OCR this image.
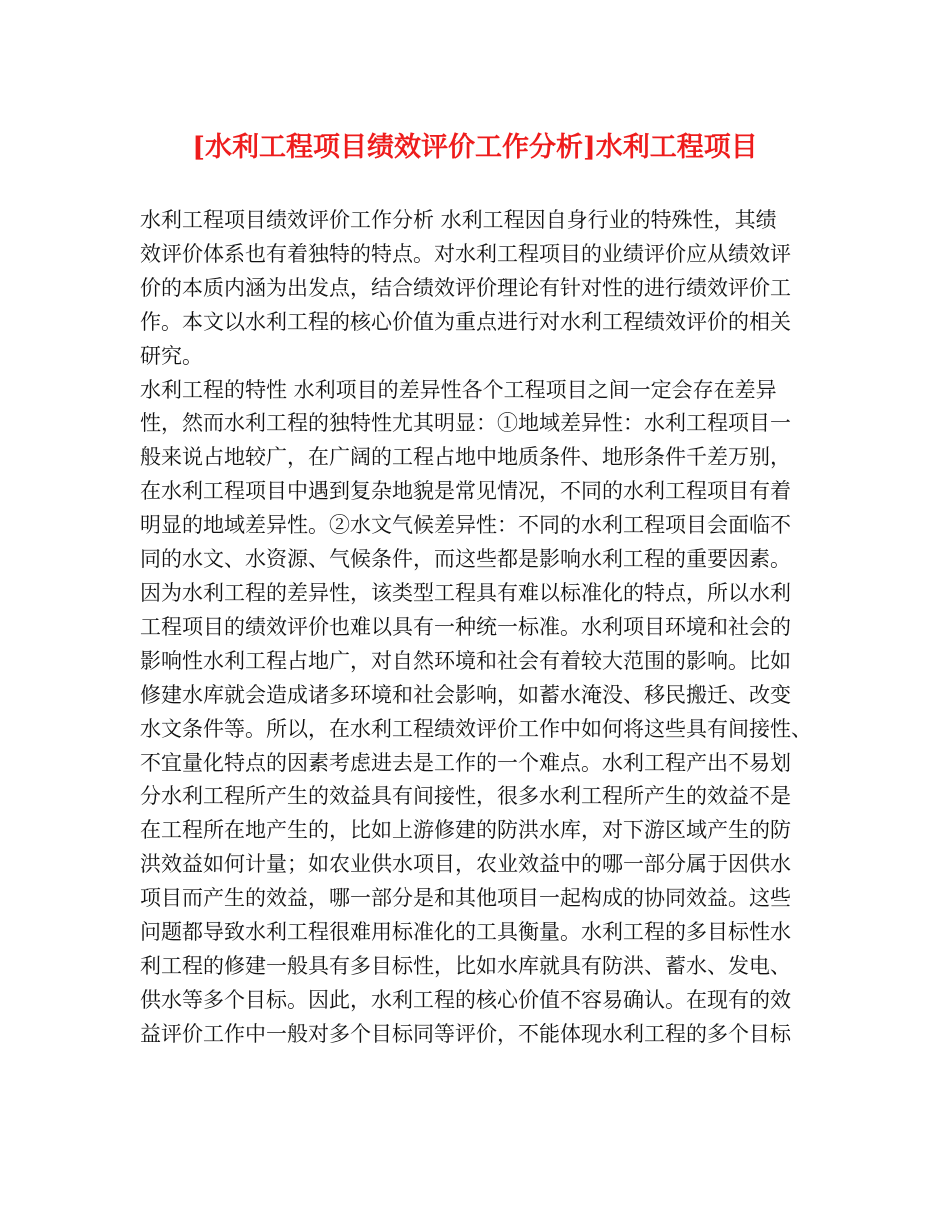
[水利工程项目绩效评价工作分析]水利工程项目
水利工程项目绩效评价工作分析 水利工程因自身行业的特殊性，其绩
效评价体系也有着独特的特点。对水利工程项目的业绩评价应从绩效评
价的本质内涵为出发点，结合绩效评价理论有针对性的进行绩效评价工
作。本文以水利工程的核心价值为重点进行对水利工程绩效评价的相关
研究。
水利工程的特性 水利项目的差异性各个工程项目之间一定会存在差异
性，然而水利工程的独特性尤其明显：①地域差异性：水利工程项目一
般来说占地较广，在广阔的工程占地中地质条件、地形条件千差万别，
在水利工程项目中遇到复杂地貌是常见情况，不同的水利工程项目有着
明显的地域差异性。②水文气候差异性：不同的水利工程项目会面临不
同的水文、水资源、气候条件，而这些都是影响水利工程的重要因素。
因为水利工程的差异性，该类型工程具有难以标准化的特点，所以水利
工程项目的绩效评价也难以具有一种统一标准。水利项目环境和社会的
影响性水利工程占地广，对自然环境和社会有着较大范围的影响。比如
修建水库就会造成诸多环境和社会影响，如蓄水淹没、移民搬迁、改变
水文条件等。所以，在水利工程绩效评价工作中如何将这些具有间接性、
不宜量化特点的因素考虑进去是工作的一个难点。水利工程产出不易划
分水利工程所产生的效益具有间接性，很多水利工程所产生的效益不是
在工程所在地产生的，比如上游修建的防洪水库，对下游区域产生的防
洪效益如何计量；如农业供水项目，农业效益中的哪一部分属于因供水
项目而产生的效益，哪一部分是和其他项目一起构成的协同效益。这些
问题都导致水利工程很难用标准化的工具衡量。水利工程的多目标性水
利工程的修建一般具有多目标性，比如水库就具有防洪、蓄水、发电、
供水等多个目标。因此，水利工程的核心价值不容易确认。在现有的效
益评价工作中一般对多个目标同等评价，不能体现水利工程的多个目标
